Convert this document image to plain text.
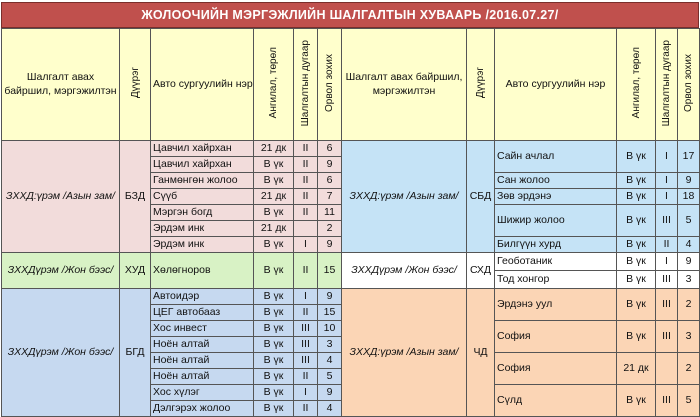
ЖОЛООЧИЙН МЭРГЭЖЛИЙН ШАЛГАЛТЫН ХУВААРЬ /2016.07.27/
Шалгалт авах байршил, мэргэжилтэн	Дүүрэг	Авто сургуулийн нэр	Ангилал, төрөл	Шалгалтын дугаар	Орвол зохих	Шалгалт авах байршил, мэргэжилтэн	Дүүрэг	Авто сургуулийн нэр	Ангилал, төрөл	Шалгалтын дугаар	Орвол зохих
ЗХХД:үрэм /Азын зам/	БЗД	Цавчил хайрхан	21 дк	II	6	ЗХХД:үрэм /Азын зам/	СБД	Сайн ачлал	В үк	I	17
		Цавчил хайрхан	В үк	II	9						
		Ганмөнгөн жолоо	В үк	II	6			Сан жолоо	В үк	I	9
		Сүүб	21 дк	II	7			Зөв эрдэнэ	В үк	I	18
		Мэргэн богд	В үк	II	11			Шижир жолоо	В үк	III	5
		Эрдэм инк	21 дк		2						
		Эрдэм инк	В үк	I	9			Билгүүн хурд	В үк	II	4
ЗХХДүрэм /Жон бээс/	ХУД	Хөлөгноров	В үк	II	15	ЗХХДүрэм /Жон бээс/	СХД	Геоботаник	В үк	I	9
								Тод хонгор	В үк	III	3
ЗХХДүрэм /Жон бээс/	БГД	Автоидэр	В үк	I	9	ЗХХД:үрэм /Азын зам/	ЧД	Эрдэнэ уул	В үк	III	2
		ЦЕГ автобааз	В үк	II	15						
		Хос инвест	В үк	III	10			София	В үк	III	3
		Ноён алтай	В үк	III	3						
		Ноён алтай	В үк	III	4			София	21 дк		2
		Ноён алтай	В үк	II	5						
		Хос хүлэг	В үк	I	9			Сүлд	В үк	III	5
		Дэлгэрэх жолоо	В үк	II	4						
